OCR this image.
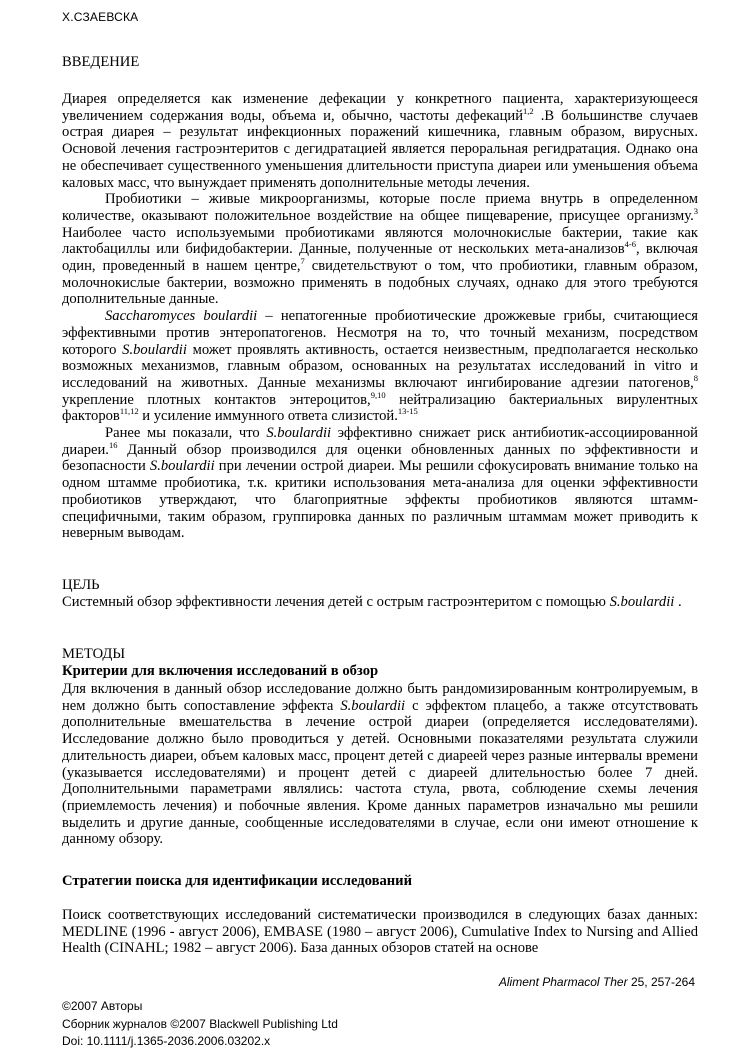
Х.СЗАЕВСКА
ВВЕДЕНИЕ

Диарея определяется как изменение дефекации у конкретного пациента, характеризующееся увеличением содержания воды, объема и, обычно, частоты дефекаций$^{1,2}$ .В большинстве случаев острая диарея – результат инфекционных поражений кишечника, главным образом, вирусных. Основой лечения гастроэнтеритов с дегидратацией является пероральная регидратация. Однако она не обеспечивает существенного уменьшения длительности приступа диареи или уменьшения объема каловых масс, что вынуждает применять дополнительные методы лечения.

Пробиотики – живые микроорганизмы, которые после приема внутрь в определенном количестве, оказывают положительное воздействие на общее пищеварение, присущее организму.$^3$ Наиболее часто используемыми пробиотиками являются молочнокислые бактерии, такие как лактобациллы или бифидобактерии. Данные, полученные от нескольких мета-анализов$^{4-6}$, включая один, проведенный в нашем центре,$^7$ свидетельствуют о том, что пробиотики, главным образом, молочнокислые бактерии, возможно применять в подобных случаях, однако для этого требуются дополнительные данные.

Saccharomyces boulardii – непатогенные пробиотические дрожжевые грибы, считающиеся эффективными против энтеропатогенов. Несмотря на то, что точный механизм, посредством которого S.boulardii может проявлять активность, остается неизвестным, предполагается несколько возможных механизмов, главным образом, основанных на результатах исследований in vitro и исследований на животных. Данные механизмы включают ингибирование адгезии патогенов,$^8$ укрепление плотных контактов энтероцитов,$^{9,10}$ нейтрализацию бактериальных вирулентных факторов$^{11,12}$ и усиление иммунного ответа слизистой.$^{13-15}$

Ранее мы показали, что S.boulardii эффективно снижает риск антибиотик-ассоциированной диареи.$^{16}$ Данный обзор производился для оценки обновленных данных по эффективности и безопасности S.boulardii при лечении острой диареи. Мы решили сфокусировать внимание только на одном штамме пробиотика, т.к. критики использования мета-анализа для оценки эффективности пробиотиков утверждают, что благоприятные эффекты пробиотиков являются штамм-специфичными, таким образом, группировка данных по различным штаммам может приводить к неверным выводам.

ЦЕЛЬ

Системный обзор эффективности лечения детей с острым гастроэнтеритом с помощью S.boulardii .

МЕТОДЫ
Критерии для включения исследований в обзор

Для включения в данный обзор исследование должно быть рандомизированным контролируемым, в нем должно быть сопоставление эффекта S.boulardii с эффектом плацебо, а также отсутствовать дополнительные вмешательства в лечение острой диареи (определяется исследователями). Исследование должно было проводиться у детей. Основными показателями результата служили длительность диареи, объем каловых масс, процент детей с диареей через разные интервалы времени (указывается исследователями) и процент детей с диареей длительностью более 7 дней. Дополнительными параметрами являлись: частота стула, рвота, соблюдение схемы лечения (приемлемость лечения) и побочные явления. Кроме данных параметров изначально мы решили выделить и другие данные, сообщенные исследователями в случае, если они имеют отношение к данному обзору.

Стратегии поиска для идентификации исследований

Поиск соответствующих исследований систематически производился в следующих базах данных: MEDLINE (1996 - август 2006), EMBASE (1980 – август 2006), Cumulative Index to Nursing and Allied Health (CINAHL; 1982 – август 2006). База данных обзоров статей на основе

Aliment Pharmacol Ther 25, 257-264
©2007 Авторы
Сборник журналов ©2007 Blackwell Publishing Ltd
Doi: 10.1111/j.1365-2036.2006.03202.x
